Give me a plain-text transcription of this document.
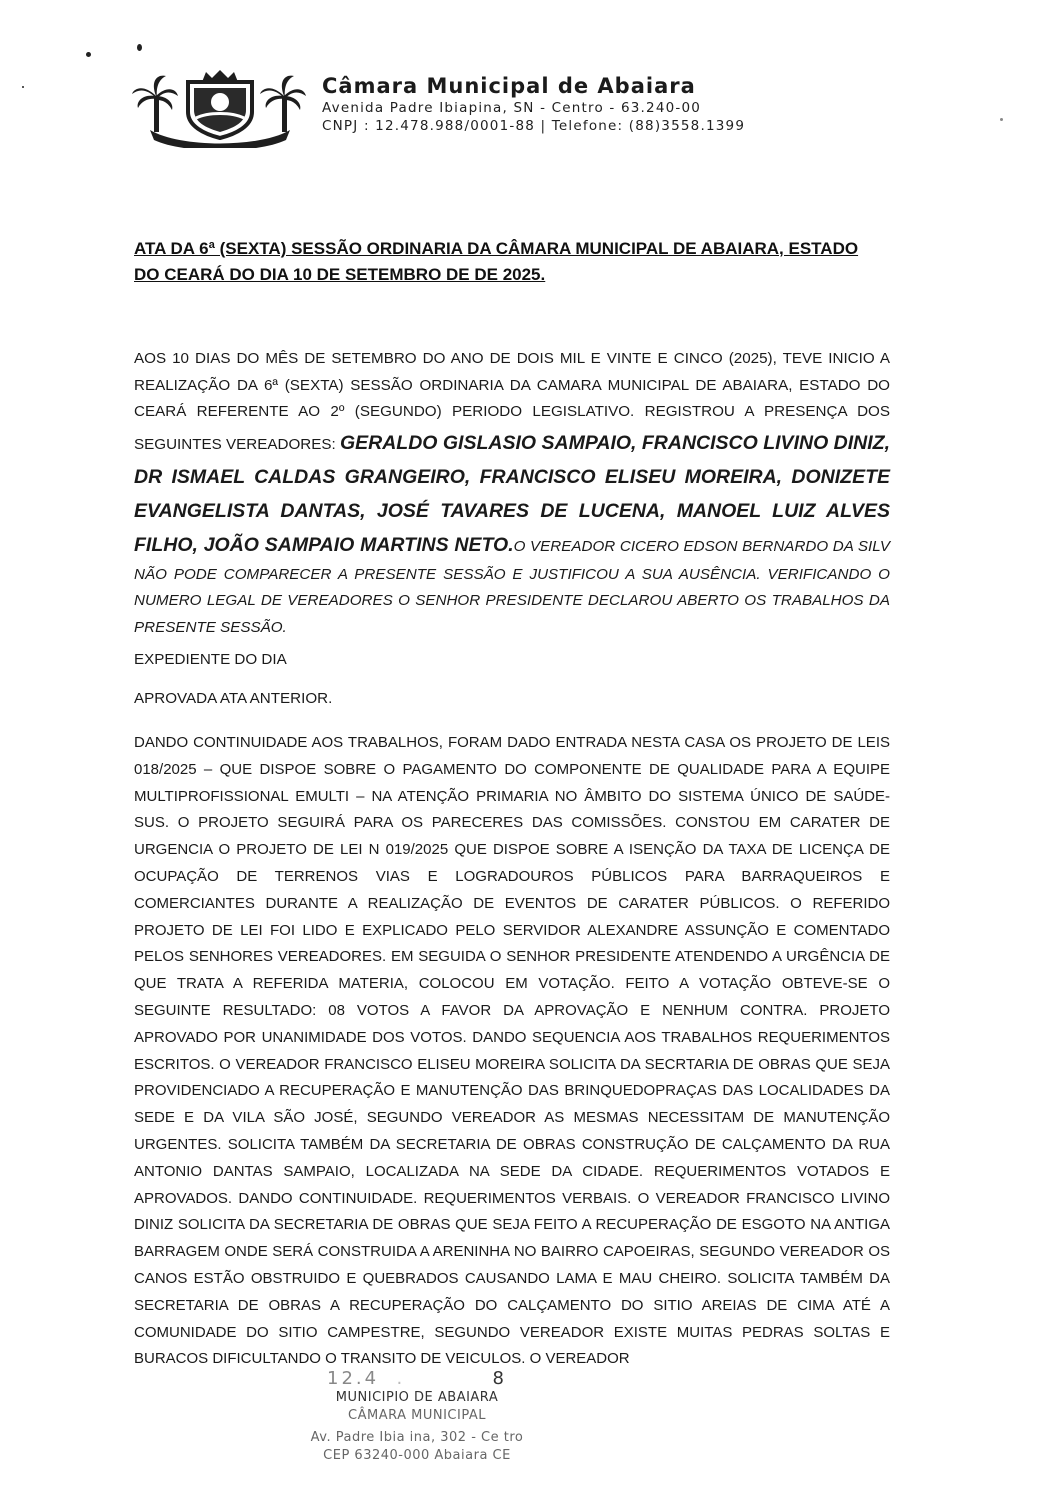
Câmara Municipal de Abaiara
Avenida Padre Ibiapina, SN - Centro - 63.240-00
CNPJ : 12.478.988/0001-88 | Telefone: (88)3558.1399
ATA DA 6ª (SEXTA) SESSÃO ORDINARIA DA CÂMARA MUNICIPAL DE ABAIARA, ESTADO
DO CEARÁ DO DIA 10 DE SETEMBRO DE DE 2025.
AOS 10 DIAS DO MÊS DE SETEMBRO DO ANO DE DOIS MIL E VINTE E CINCO (2025), TEVE INICIO A REALIZAÇÃO DA 6ª (SEXTA) SESSÃO ORDINARIA DA CAMARA MUNICIPAL DE ABAIARA, ESTADO DO CEARÁ REFERENTE AO 2º (SEGUNDO) PERIODO LEGISLATIVO. REGISTROU A PRESENÇA DOS SEGUINTES VEREADORES: GERALDO GISLASIO SAMPAIO, FRANCISCO LIVINO DINIZ, DR ISMAEL CALDAS GRANGEIRO, FRANCISCO ELISEU MOREIRA, DONIZETE EVANGELISTA DANTAS, JOSÉ TAVARES DE LUCENA, MANOEL LUIZ ALVES FILHO, JOÃO SAMPAIO MARTINS NETO.O VEREADOR CICERO EDSON BERNARDO DA SILV NÃO PODE COMPARECER A PRESENTE SESSÃO E JUSTIFICOU A SUA AUSÊNCIA. VERIFICANDO O NUMERO LEGAL DE VEREADORES O SENHOR PRESIDENTE DECLAROU ABERTO OS TRABALHOS DA PRESENTE SESSÃO.
EXPEDIENTE DO DIA
APROVADA ATA ANTERIOR.
DANDO CONTINUIDADE AOS TRABALHOS, FORAM DADO ENTRADA NESTA CASA OS PROJETO DE LEIS 018/2025 – QUE DISPOE SOBRE O PAGAMENTO DO COMPONENTE DE QUALIDADE PARA A EQUIPE MULTIPROFISSIONAL EMULTI – NA ATENÇÃO PRIMARIA NO ÂMBITO DO SISTEMA ÚNICO DE SAÚDE- SUS. O PROJETO SEGUIRÁ PARA OS PARECERES DAS COMISSÕES. CONSTOU EM CARATER DE URGENCIA O PROJETO DE LEI N 019/2025 QUE DISPOE SOBRE A ISENÇÃO DA TAXA DE LICENÇA DE OCUPAÇÃO DE TERRENOS VIAS E LOGRADOUROS PÚBLICOS PARA BARRAQUEIROS E COMERCIANTES DURANTE A REALIZAÇÃO DE EVENTOS DE CARATER PÚBLICOS. O REFERIDO PROJETO DE LEI FOI LIDO E EXPLICADO PELO SERVIDOR ALEXANDRE ASSUNÇÃO E COMENTADO PELOS SENHORES VEREADORES. EM SEGUIDA O SENHOR PRESIDENTE ATENDENDO A URGÊNCIA DE QUE TRATA A REFERIDA MATERIA, COLOCOU EM VOTAÇÃO. FEITO A VOTAÇÃO OBTEVE-SE O SEGUINTE RESULTADO: 08 VOTOS A FAVOR DA APROVAÇÃO E NENHUM CONTRA. PROJETO APROVADO POR UNANIMIDADE DOS VOTOS. DANDO SEQUENCIA AOS TRABALHOS REQUERIMENTOS ESCRITOS. O VEREADOR FRANCISCO ELISEU MOREIRA SOLICITA DA SECRTARIA DE OBRAS QUE SEJA PROVIDENCIADO A RECUPERAÇÃO E MANUTENÇÃO DAS BRINQUEDOPRAÇAS DAS LOCALIDADES DA SEDE E DA VILA SÃO JOSÉ, SEGUNDO VEREADOR AS MESMAS NECESSITAM DE MANUTENÇÃO URGENTES. SOLICITA TAMBÉM DA SECRETARIA DE OBRAS CONSTRUÇÃO DE CALÇAMENTO DA RUA ANTONIO DANTAS SAMPAIO, LOCALIZADA NA SEDE DA CIDADE. REQUERIMENTOS VOTADOS E APROVADOS. DANDO CONTINUIDADE. REQUERIMENTOS VERBAIS. O VEREADOR FRANCISCO LIVINO DINIZ SOLICITA DA SECRETARIA DE OBRAS QUE SEJA FEITO A RECUPERAÇÃO DE ESGOTO NA ANTIGA BARRAGEM ONDE SERÁ CONSTRUIDA A ARENINHA NO BAIRRO CAPOEIRAS, SEGUNDO VEREADOR OS CANOS ESTÃO OBSTRUIDO E QUEBRADOS CAUSANDO LAMA E MAU CHEIRO. SOLICITA TAMBÉM DA SECRETARIA DE OBRAS A RECUPERAÇÃO DO CALÇAMENTO DO SITIO AREIAS DE CIMA ATÉ A COMUNIDADE DO SITIO CAMPESTRE, SEGUNDO VEREADOR EXISTE MUITAS PEDRAS SOLTAS E BURACOS DIFICULTANDO O TRANSITO DE VEICULOS. O VEREADOR
12.4  .          8
MUNICIPIO DE ABAIARA
CÂMARA MUNICIPAL
Av. Padre Ibia ina, 302 - Ce tro
CEP 63240-000 Abaiara CE
